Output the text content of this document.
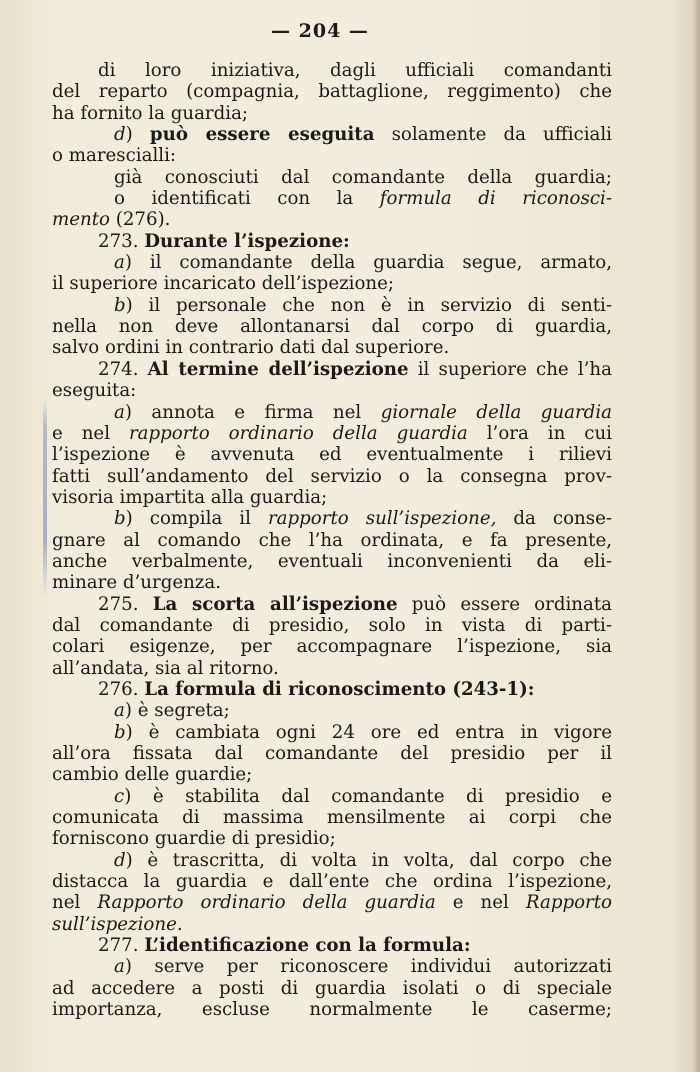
— 204 —
di loro iniziativa, dagli ufficiali comandanti
del reparto (compagnia, battaglione, reggimento) che
ha fornito la guardia;
d) può essere eseguita solamente da ufficiali
o marescialli:
già conosciuti dal comandante della guardia;
o identificati con la formula di riconosci-
mento (276).
273. Durante l’ispezione:
a) il comandante della guardia segue, armato,
il superiore incaricato dell’ispezione;
b) il personale che non è in servizio di senti-
nella non deve allontanarsi dal corpo di guardia,
salvo ordini in contrario dati dal superiore.
274. Al termine dell’ispezione il superiore che l’ha
eseguita:
a) annota e firma nel giornale della guardia
e nel rapporto ordinario della guardia l’ora in cui
l’ispezione è avvenuta ed eventualmente i rilievi
fatti sull’andamento del servizio o la consegna prov-
visoria impartita alla guardia;
b) compila il rapporto sull’ispezione, da conse-
gnare al comando che l’ha ordinata, e fa presente,
anche verbalmente, eventuali inconvenienti da eli-
minare d’urgenza.
275. La scorta all’ispezione può essere ordinata
dal comandante di presidio, solo in vista di parti-
colari esigenze, per accompagnare l’ispezione, sia
all’andata, sia al ritorno.
276. La formula di riconoscimento (243-1):
a) è segreta;
b) è cambiata ogni 24 ore ed entra in vigore
all’ora fissata dal comandante del presidio per il
cambio delle guardie;
c) è stabilita dal comandante di presidio e
comunicata di massima mensilmente ai corpi che
forniscono guardie di presidio;
d) è trascritta, di volta in volta, dal corpo che
distacca la guardia e dall’ente che ordina l’ispezione,
nel Rapporto ordinario della guardia e nel Rapporto
sull’ispezione.
277. L’identificazione con la formula:
a) serve per riconoscere individui autorizzati
ad accedere a posti di guardia isolati o di speciale
importanza, escluse normalmente le caserme;
